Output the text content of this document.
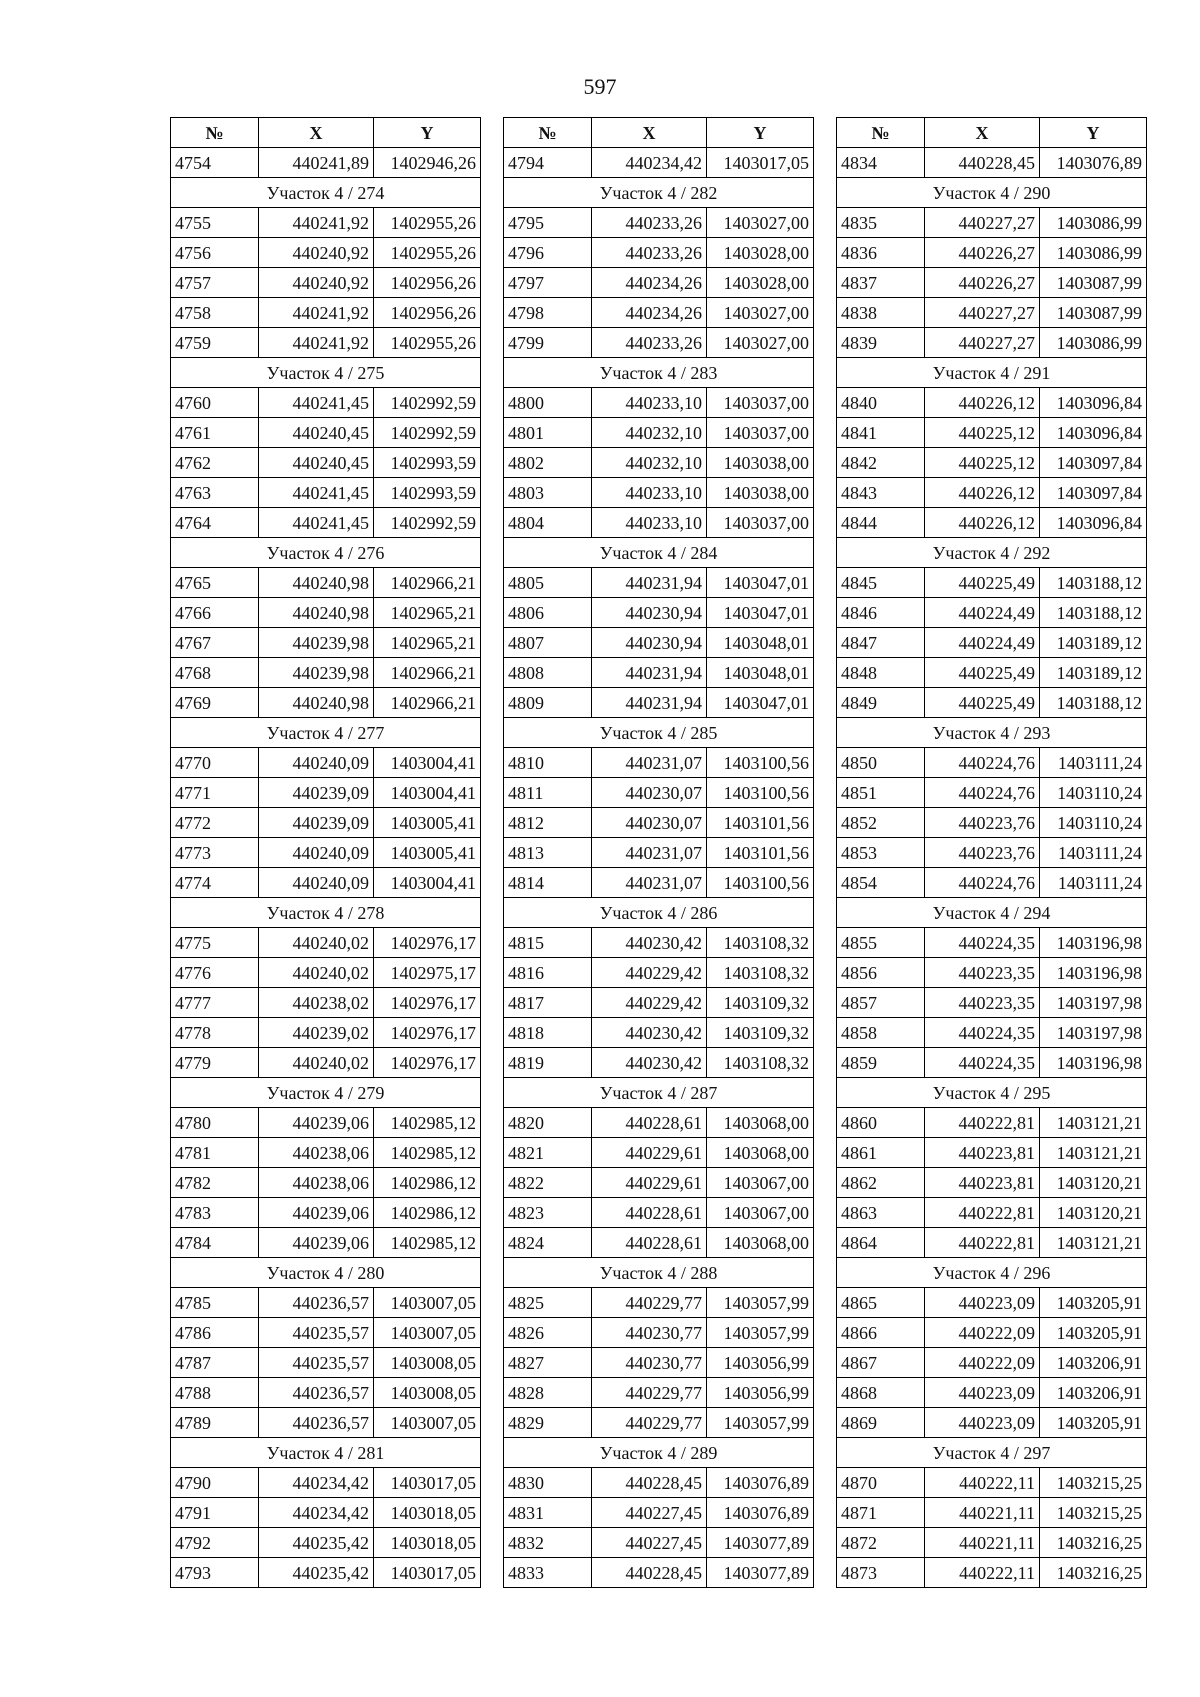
597
№	X	Y
4754	440241,89	1402946,26
Участок 4 / 274		
4755	440241,92	1402955,26
4756	440240,92	1402955,26
4757	440240,92	1402956,26
4758	440241,92	1402956,26
4759	440241,92	1402955,26
Участок 4 / 275		
4760	440241,45	1402992,59
4761	440240,45	1402992,59
4762	440240,45	1402993,59
4763	440241,45	1402993,59
4764	440241,45	1402992,59
Участок 4 / 276		
4765	440240,98	1402966,21
4766	440240,98	1402965,21
4767	440239,98	1402965,21
4768	440239,98	1402966,21
4769	440240,98	1402966,21
Участок 4 / 277		
4770	440240,09	1403004,41
4771	440239,09	1403004,41
4772	440239,09	1403005,41
4773	440240,09	1403005,41
4774	440240,09	1403004,41
Участок 4 / 278		
4775	440240,02	1402976,17
4776	440240,02	1402975,17
4777	440238,02	1402976,17
4778	440239,02	1402976,17
4779	440240,02	1402976,17
Участок 4 / 279		
4780	440239,06	1402985,12
4781	440238,06	1402985,12
4782	440238,06	1402986,12
4783	440239,06	1402986,12
4784	440239,06	1402985,12
Участок 4 / 280		
4785	440236,57	1403007,05
4786	440235,57	1403007,05
4787	440235,57	1403008,05
4788	440236,57	1403008,05
4789	440236,57	1403007,05
Участок 4 / 281		
4790	440234,42	1403017,05
4791	440234,42	1403018,05
4792	440235,42	1403018,05
4793	440235,42	1403017,05
№	X	Y
4794	440234,42	1403017,05
Участок 4 / 282		
4795	440233,26	1403027,00
4796	440233,26	1403028,00
4797	440234,26	1403028,00
4798	440234,26	1403027,00
4799	440233,26	1403027,00
Участок 4 / 283		
4800	440233,10	1403037,00
4801	440232,10	1403037,00
4802	440232,10	1403038,00
4803	440233,10	1403038,00
4804	440233,10	1403037,00
Участок 4 / 284		
4805	440231,94	1403047,01
4806	440230,94	1403047,01
4807	440230,94	1403048,01
4808	440231,94	1403048,01
4809	440231,94	1403047,01
Участок 4 / 285		
4810	440231,07	1403100,56
4811	440230,07	1403100,56
4812	440230,07	1403101,56
4813	440231,07	1403101,56
4814	440231,07	1403100,56
Участок 4 / 286		
4815	440230,42	1403108,32
4816	440229,42	1403108,32
4817	440229,42	1403109,32
4818	440230,42	1403109,32
4819	440230,42	1403108,32
Участок 4 / 287		
4820	440228,61	1403068,00
4821	440229,61	1403068,00
4822	440229,61	1403067,00
4823	440228,61	1403067,00
4824	440228,61	1403068,00
Участок 4 / 288		
4825	440229,77	1403057,99
4826	440230,77	1403057,99
4827	440230,77	1403056,99
4828	440229,77	1403056,99
4829	440229,77	1403057,99
Участок 4 / 289		
4830	440228,45	1403076,89
4831	440227,45	1403076,89
4832	440227,45	1403077,89
4833	440228,45	1403077,89
№	X	Y
4834	440228,45	1403076,89
Участок 4 / 290		
4835	440227,27	1403086,99
4836	440226,27	1403086,99
4837	440226,27	1403087,99
4838	440227,27	1403087,99
4839	440227,27	1403086,99
Участок 4 / 291		
4840	440226,12	1403096,84
4841	440225,12	1403096,84
4842	440225,12	1403097,84
4843	440226,12	1403097,84
4844	440226,12	1403096,84
Участок 4 / 292		
4845	440225,49	1403188,12
4846	440224,49	1403188,12
4847	440224,49	1403189,12
4848	440225,49	1403189,12
4849	440225,49	1403188,12
Участок 4 / 293		
4850	440224,76	1403111,24
4851	440224,76	1403110,24
4852	440223,76	1403110,24
4853	440223,76	1403111,24
4854	440224,76	1403111,24
Участок 4 / 294		
4855	440224,35	1403196,98
4856	440223,35	1403196,98
4857	440223,35	1403197,98
4858	440224,35	1403197,98
4859	440224,35	1403196,98
Участок 4 / 295		
4860	440222,81	1403121,21
4861	440223,81	1403121,21
4862	440223,81	1403120,21
4863	440222,81	1403120,21
4864	440222,81	1403121,21
Участок 4 / 296		
4865	440223,09	1403205,91
4866	440222,09	1403205,91
4867	440222,09	1403206,91
4868	440223,09	1403206,91
4869	440223,09	1403205,91
Участок 4 / 297		
4870	440222,11	1403215,25
4871	440221,11	1403215,25
4872	440221,11	1403216,25
4873	440222,11	1403216,25
